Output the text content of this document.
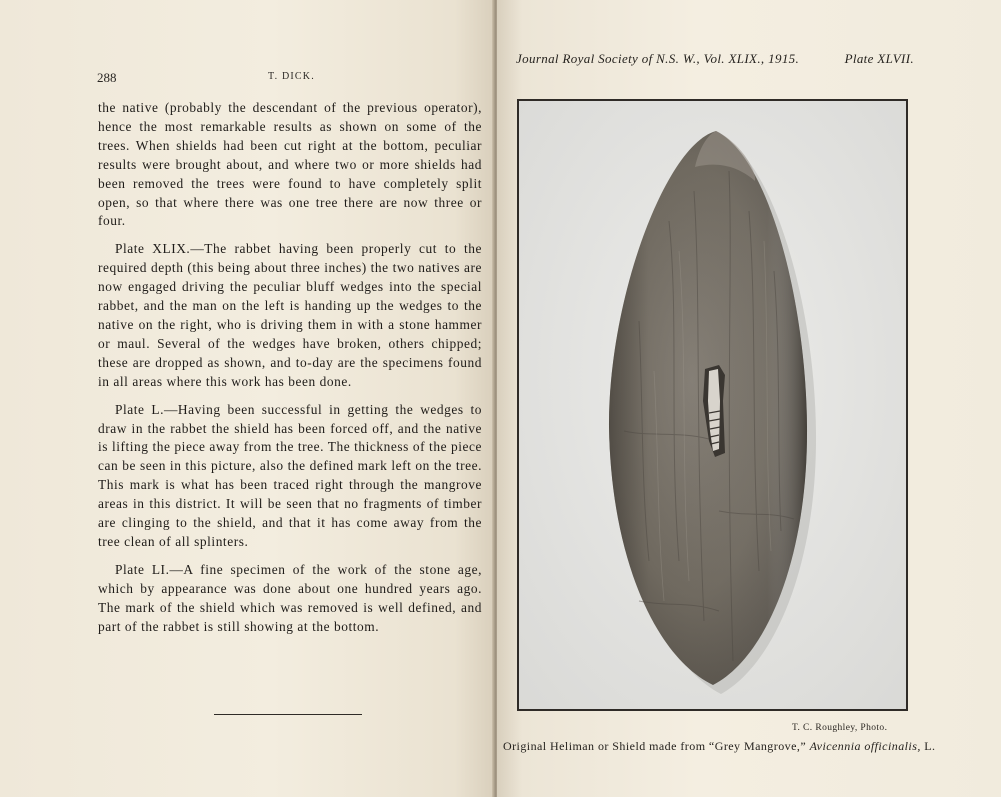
288	T. DICK.

the native (probably the descendant of the previous operator), hence the most remarkable results as shown on some of the trees. When shields had been cut right at the bottom, peculiar results were brought about, and where two or more shields had been removed the trees were found to have completely split open, so that where there was one tree there are now three or four.

Plate XLIX.—The rabbet having been properly cut to the required depth (this being about three inches) the two natives are now engaged driving the peculiar bluff wedges into the special rabbet, and the man on the left is handing up the wedges to the native on the right, who is driving them in with a stone hammer or maul. Several of the wedges have broken, others chipped; these are dropped as shown, and to-day are the specimens found in all areas where this work has been done.

Plate L.—Having been successful in getting the wedges to draw in the rabbet the shield has been forced off, and the native is lifting the piece away from the tree. The thickness of the piece can be seen in this picture, also the defined mark left on the tree. This mark is what has been traced right through the mangrove areas in this district. It will be seen that no fragments of timber are clinging to the shield, and that it has come away from the tree clean of all splinters.

Plate LI.—A fine specimen of the work of the stone age, which by appearance was done about one hundred years ago. The mark of the shield which was removed is well defined, and part of the rabbet is still showing at the bottom.

Journal Royal Society of N.S. W., Vol. XLIX., 1915.	Plate XLVII.
T. C. Roughley, Photo.
Original Heliman or Shield made from “Grey Mangrove,” Avicennia officinalis, L.
